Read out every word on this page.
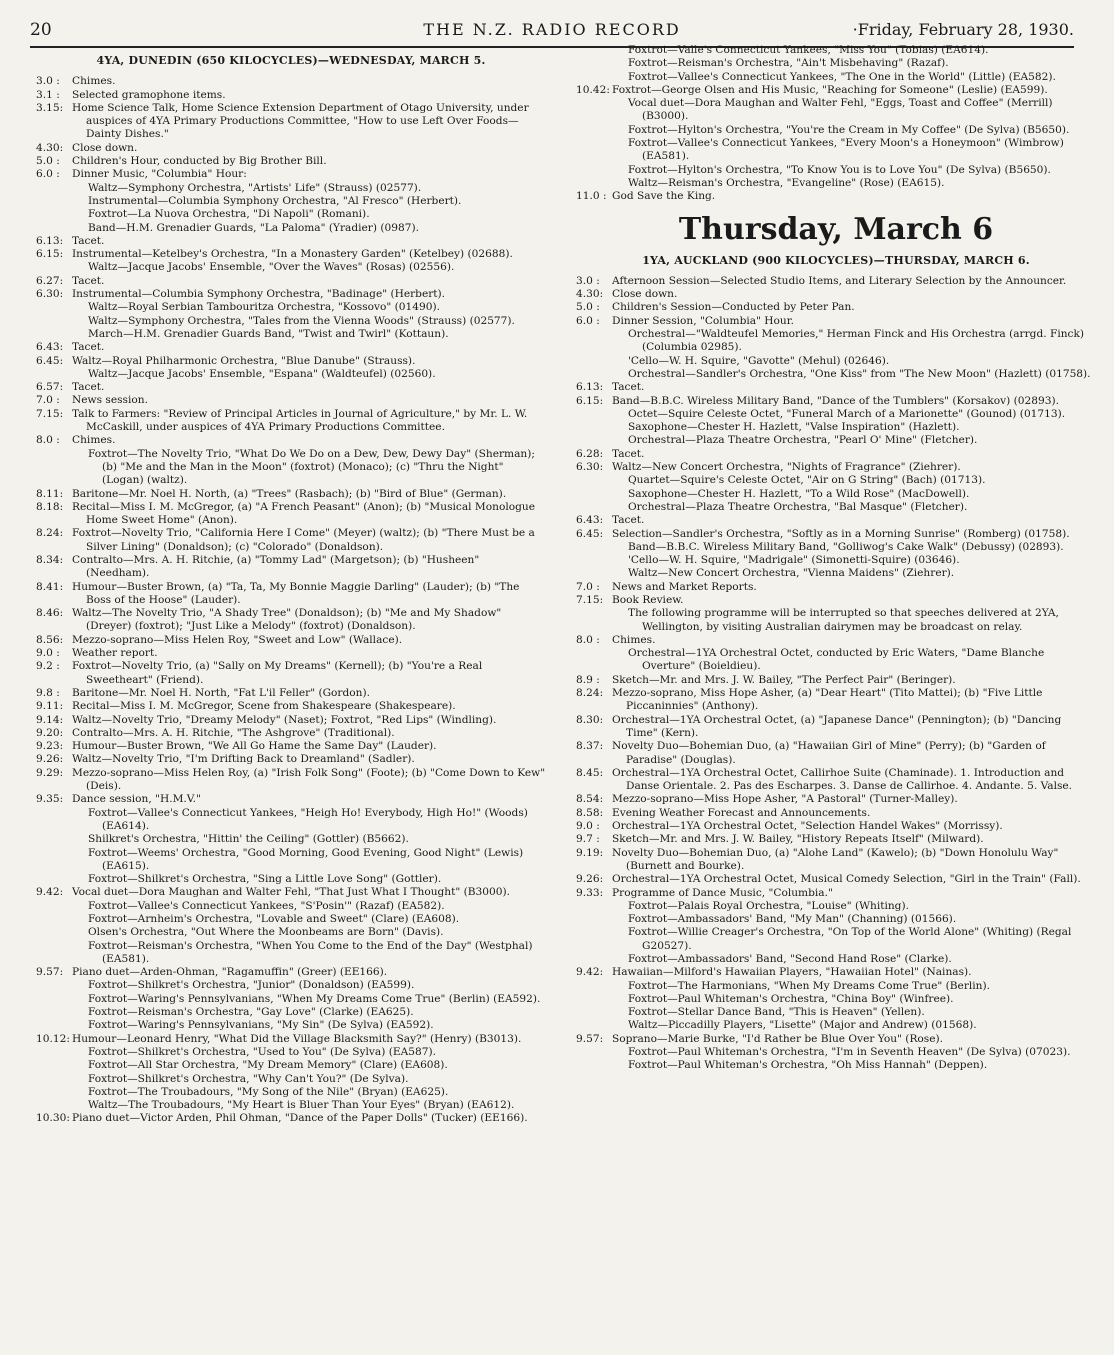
20	THE N.Z. RADIO RECORD	·Friday, February 28, 1930.
4YA, DUNEDIN (650 KILOCYCLES)—WEDNESDAY, MARCH 5.
3.0 :	Chimes.
3.1 :	Selected gramophone items.
3.15: Home Science Talk, Home Science Extension Department of Otago University, under auspices of 4YA Primary Productions Committee, "How to use Left Over Foods—Dainty Dishes."
4.30: Close down.
5.0 :	Children's Hour, conducted by Big Brother Bill.
6.0 :	Dinner Music, "Columbia" Hour:
Waltz—Symphony Orchestra, "Artists' Life" (Strauss) (02577).
Instrumental—Columbia Symphony Orchestra, "Al Fresco" (Herbert).
Foxtrot—La Nuova Orchestra, "Di Napoli" (Romani).
Band—H.M. Grenadier Guards, "La Paloma" (Yradier) (0987).
6.13: Tacet.
6.15: Instrumental—Ketelbey's Orchestra, "In a Monastery Garden" (Ketelbey) (02688).
Waltz—Jacque Jacobs' Ensemble, "Over the Waves" (Rosas) (02556).
6.27: Tacet.
6.30: Instrumental—Columbia Symphony Orchestra, "Badinage" (Herbert).
Waltz—Royal Serbian Tambouritza Orchestra, "Kossovo" (01490).
Waltz—Symphony Orchestra, "Tales from the Vienna Woods" (Strauss) (02577).
March—H.M. Grenadier Guards Band, "Twist and Twirl" (Kottaun).
6.43: Tacet.
6.45: Waltz—Royal Philharmonic Orchestra, "Blue Danube" (Strauss).
Waltz—Jacque Jacobs' Ensemble, "Espana" (Waldteufel) (02560).
6.57: Tacet.
7.0 :	News session.
7.15: Talk to Farmers: "Review of Principal Articles in Journal of Agriculture," by Mr. L. W. McCaskill, under auspices of 4YA Primary Productions Committee.
8.0 :	Chimes.
Foxtrot—The Novelty Trio, "What Do We Do on a Dew, Dew, Dewy Day" (Sherman); (b) "Me and the Man in the Moon" (foxtrot) (Monaco); (c) "Thru the Night" (Logan) (waltz).
8.11: Baritone—Mr. Noel H. North, (a) "Trees" (Rasbach); (b) "Bird of Blue" (German).
8.18: Recital—Miss I. M. McGregor, (a) "A French Peasant" (Anon); (b) "Musical Monologue Home Sweet Home" (Anon).
8.24: Foxtrot—Novelty Trio, "California Here I Come" (Meyer) (waltz); (b) "There Must be a Silver Lining" (Donaldson); (c) "Colorado" (Donaldson).
8.34: Contralto—Mrs. A. H. Ritchie, (a) "Tommy Lad" (Margetson); (b) "Husheen" (Needham).
8.41: Humour—Buster Brown, (a) "Ta, Ta, My Bonnie Maggie Darling" (Lauder); (b) "The Boss of the Hoose" (Lauder).
8.46: Waltz—The Novelty Trio, "A Shady Tree" (Donaldson); (b) "Me and My Shadow" (Dreyer) (foxtrot); "Just Like a Melody" (foxtrot) (Donaldson).
8.56: Mezzo-soprano—Miss Helen Roy, "Sweet and Low" (Wallace).
9.0 :	Weather report.
9.2 :	Foxtrot—Novelty Trio, (a) "Sally on My Dreams" (Kernell); (b) "You're a Real Sweetheart" (Friend).
9.8 :	Baritone—Mr. Noel H. North, "Fat L'il Feller" (Gordon).
9.11: Recital—Miss I. M. McGregor, Scene from Shakespeare (Shakespeare).
9.14: Waltz—Novelty Trio, "Dreamy Melody" (Naset); Foxtrot, "Red Lips" (Windling).
9.20: Contralto—Mrs. A. H. Ritchie, "The Ashgrove" (Traditional).
9.23: Humour—Buster Brown, "We All Go Hame the Same Day" (Lauder).
9.26: Waltz—Novelty Trio, "I'm Drifting Back to Dreamland" (Sadler).
9.29: Mezzo-soprano—Miss Helen Roy, (a) "Irish Folk Song" (Foote); (b) "Come Down to Kew" (Deis).
9.35: Dance session, "H.M.V."
Foxtrot—Vallee's Connecticut Yankees, "Heigh Ho! Everybody, High Ho!" (Woods) (EA614).
Shilkret's Orchestra, "Hittin' the Ceiling" (Gottler) (B5662).
Foxtrot—Weems' Orchestra, "Good Morning, Good Evening, Good Night" (Lewis) (EA615).
Foxtrot—Shilkret's Orchestra, "Sing a Little Love Song" (Gottler).
9.42: Vocal duet—Dora Maughan and Walter Fehl, "That Just What I Thought" (B3000).
Foxtrot—Vallee's Connecticut Yankees, "S'Posin'" (Razaf) (EA582).
Foxtrot—Arnheim's Orchestra, "Lovable and Sweet" (Clare) (EA608).
Olsen's Orchestra, "Out Where the Moonbeams are Born" (Davis).
Foxtrot—Reisman's Orchestra, "When You Come to the End of the Day" (Westphal) (EA581).
9.57: Piano duet—Arden-Ohman, "Ragamuffin" (Greer) (EE166).
Foxtrot—Shilkret's Orchestra, "Junior" (Donaldson) (EA599).
Foxtrot—Waring's Pennsylvanians, "When My Dreams Come True" (Berlin) (EA592).
Foxtrot—Reisman's Orchestra, "Gay Love" (Clarke) (EA625).
Foxtrot—Waring's Pennsylvanians, "My Sin" (De Sylva) (EA592).
10.12: Humour—Leonard Henry, "What Did the Village Blacksmith Say?" (Henry) (B3013).
Foxtrot—Shilkret's Orchestra, "Used to You" (De Sylva) (EA587).
Foxtrot—All Star Orchestra, "My Dream Memory" (Clare) (EA608).
Foxtrot—Shilkret's Orchestra, "Why Can't You?" (De Sylva).
Foxtrot—The Troubadours, "My Song of the Nile" (Bryan) (EA625).
Waltz—The Troubadours, "My Heart is Bluer Than Your Eyes" (Bryan) (EA612).
10.30: Piano duet—Victor Arden, Phil Ohman, "Dance of the Paper Dolls" (Tucker) (EE166).
Foxtrot—Valle's Connecticut Yankees, "Miss You" (Tobias) (EA614).
Foxtrot—Reisman's Orchestra, "Ain't Misbehaving" (Razaf).
Foxtrot—Vallee's Connecticut Yankees, "The One in the World" (Little) (EA582).
10.42: Foxtrot—George Olsen and His Music, "Reaching for Someone" (Leslie) (EA599).
Vocal duet—Dora Maughan and Walter Fehl, "Eggs, Toast and Coffee" (Merrill) (B3000).
Foxtrot—Hylton's Orchestra, "You're the Cream in My Coffee" (De Sylva) (B5650).
Foxtrot—Vallee's Connecticut Yankees, "Every Moon's a Honeymoon" (Wimbrow) (EA581).
Foxtrot—Hylton's Orchestra, "To Know You is to Love You" (De Sylva) (B5650).
Waltz—Reisman's Orchestra, "Evangeline" (Rose) (EA615).
11.0 : God Save the King.
Thursday, March 6
1YA, AUCKLAND (900 KILOCYCLES)—THURSDAY, MARCH 6.
3.0 :	Afternoon Session—Selected Studio Items, and Literary Selection by the Announcer.
4.30: Close down.
5.0 :	Children's Session—Conducted by Peter Pan.
6.0 :	Dinner Session, "Columbia" Hour.
Orchestral—"Waldteufel Memories," Herman Finck and His Orchestra (arrgd. Finck) (Columbia 02985).
'Cello—W. H. Squire, "Gavotte" (Mehul) (02646).
Orchestral—Sandler's Orchestra, "One Kiss" from "The New Moon" (Hazlett) (01758).
6.13: Tacet.
6.15: Band—B.B.C. Wireless Military Band, "Dance of the Tumblers" (Korsakov) (02893).
Octet—Squire Celeste Octet, "Funeral March of a Marionette" (Gounod) (01713).
Saxophone—Chester H. Hazlett, "Valse Inspiration" (Hazlett).
Orchestral—Plaza Theatre Orchestra, "Pearl O' Mine" (Fletcher).
6.28: Tacet.
6.30: Waltz—New Concert Orchestra, "Nights of Fragrance" (Ziehrer).
Quartet—Squire's Celeste Octet, "Air on G String" (Bach) (01713).
Saxophone—Chester H. Hazlett, "To a Wild Rose" (MacDowell).
Orchestral—Plaza Theatre Orchestra, "Bal Masque" (Fletcher).
6.43: Tacet.
6.45: Selection—Sandler's Orchestra, "Softly as in a Morning Sunrise" (Romberg) (01758).
Band—B.B.C. Wireless Military Band, "Golliwog's Cake Walk" (Debussy) (02893).
'Cello—W. H. Squire, "Madrigale" (Simonetti-Squire) (03646).
Waltz—New Concert Orchestra, "Vienna Maidens" (Ziehrer).
7.0 :	News and Market Reports.
7.15: Book Review.
The following programme will be interrupted so that speeches delivered at 2YA, Wellington, by visiting Australian dairymen may be broadcast on relay.
8.0 :	Chimes.
Orchestral—1YA Orchestral Octet, conducted by Eric Waters, "Dame Blanche Overture" (Boieldieu).
8.9 :	Sketch—Mr. and Mrs. J. W. Bailey, "The Perfect Pair" (Beringer).
8.24: Mezzo-soprano, Miss Hope Asher, (a) "Dear Heart" (Tito Mattei); (b) "Five Little Piccaninnies" (Anthony).
8.30: Orchestral—1YA Orchestral Octet, (a) "Japanese Dance" (Pennington); (b) "Dancing Time" (Kern).
8.37: Novelty Duo—Bohemian Duo, (a) "Hawaiian Girl of Mine" (Perry); (b) "Garden of Paradise" (Douglas).
8.45: Orchestral—1YA Orchestral Octet, Callirhoe Suite (Chaminade). 1. Introduction and Danse Orientale. 2. Pas des Escharpes. 3. Danse de Callirhoe. 4. Andante. 5. Valse.
8.54: Mezzo-soprano—Miss Hope Asher, "A Pastoral" (Turner-Malley).
8.58: Evening Weather Forecast and Announcements.
9.0 :	Orchestral—1YA Orchestral Octet, "Selection Handel Wakes" (Morrissy).
9.7 :	Sketch—Mr. and Mrs. J. W. Bailey, "History Repeats Itself" (Milward).
9.19: Novelty Duo—Bohemian Duo, (a) "Alohe Land" (Kawelo); (b) "Down Honolulu Way" (Burnett and Bourke).
9.26: Orchestral—1YA Orchestral Octet, Musical Comedy Selection, "Girl in the Train" (Fall).
9.33: Programme of Dance Music, "Columbia."
Foxtrot—Palais Royal Orchestra, "Louise" (Whiting).
Foxtrot—Ambassadors' Band, "My Man" (Channing) (01566).
Foxtrot—Willie Creager's Orchestra, "On Top of the World Alone" (Whiting) (Regal G20527).
Foxtrot—Ambassadors' Band, "Second Hand Rose" (Clarke).
9.42: Hawaiian—Milford's Hawaiian Players, "Hawaiian Hotel" (Nainas).
Foxtrot—The Harmonians, "When My Dreams Come True" (Berlin).
Foxtrot—Paul Whiteman's Orchestra, "China Boy" (Winfree).
Foxtrot—Stellar Dance Band, "This is Heaven" (Yellen).
Waltz—Piccadilly Players, "Lisette" (Major and Andrew) (01568).
9.57: Soprano—Marie Burke, "I'd Rather be Blue Over You" (Rose).
Foxtrot—Paul Whiteman's Orchestra, "I'm in Seventh Heaven" (De Sylva) (07023).
Foxtrot—Paul Whiteman's Orchestra, "Oh Miss Hannah" (Deppen).
